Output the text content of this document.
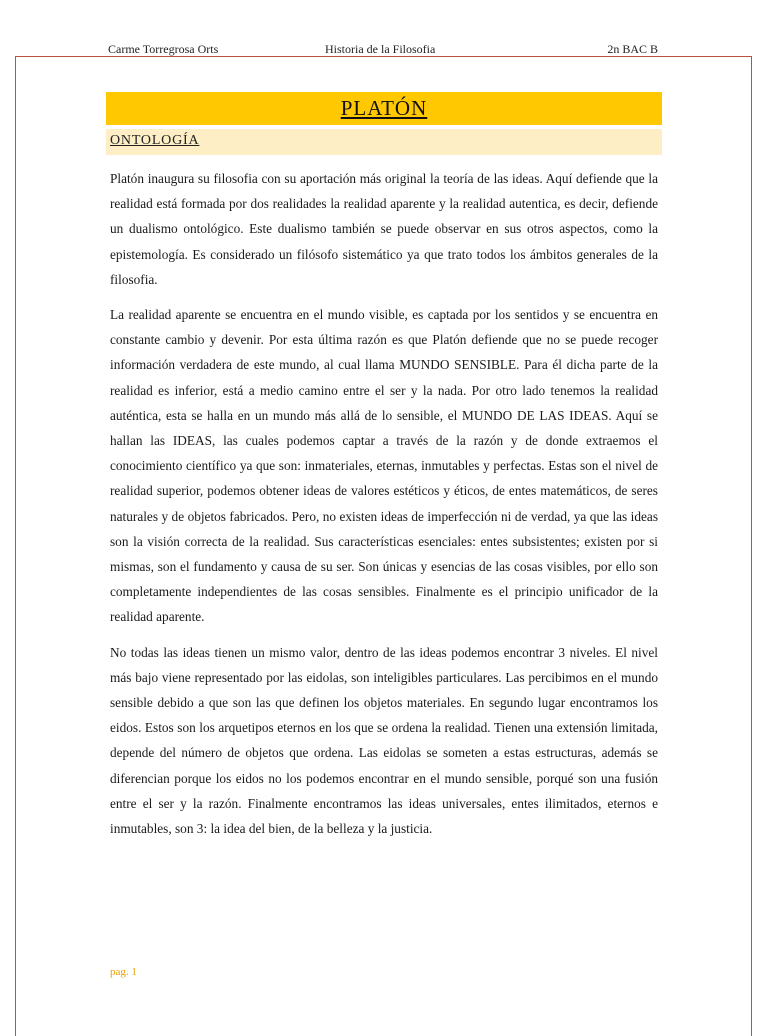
Carme Torregrosa Orts	Historia de la Filosofia	2n BAC B
PLATÓN
ONTOLOGÍA

Platón inaugura su filosofia con su aportación más original la teoría de las ideas. Aquí defiende que la realidad está formada por dos realidades la realidad aparente y la realidad autentica, es decir, defiende un dualismo ontológico. Este dualismo también se puede observar en sus otros aspectos, como la epistemología. Es considerado un filósofo sistemático ya que trato todos los ámbitos generales de la filosofia.

La realidad aparente se encuentra en el mundo visible, es captada por los sentidos y se encuentra en constante cambio y devenir. Por esta última razón es que Platón defiende que no se puede recoger información verdadera de este mundo, al cual llama MUNDO SENSIBLE. Para él dicha parte de la realidad es inferior, está a medio camino entre el ser y la nada. Por otro lado tenemos la realidad auténtica, esta se halla en un mundo más allá de lo sensible, el MUNDO DE LAS IDEAS. Aquí se hallan las IDEAS, las cuales podemos captar a través de la razón y de donde extraemos el conocimiento científico ya que son: inmateriales, eternas, inmutables y perfectas. Estas son el nivel de realidad superior, podemos obtener ideas de valores estéticos y éticos, de entes matemáticos, de seres naturales y de objetos fabricados. Pero, no existen ideas de imperfección ni de verdad, ya que las ideas son la visión correcta de la realidad. Sus características esenciales: entes subsistentes; existen por si mismas, son el fundamento y causa de su ser. Son únicas y esencias de las cosas visibles, por ello son completamente independientes de las cosas sensibles. Finalmente es el principio unificador de la realidad aparente.

No todas las ideas tienen un mismo valor, dentro de las ideas podemos encontrar 3 niveles. El nivel más bajo viene representado por las eidolas, son inteligibles particulares. Las percibimos en el mundo sensible debido a que son las que definen los objetos materiales. En segundo lugar encontramos los eidos. Estos son los arquetipos eternos en los que se ordena la realidad. Tienen una extensión limitada, depende del número de objetos que ordena. Las eidolas se someten a estas estructuras, además se diferencian porque los eidos no los podemos encontrar en el mundo sensible, porqué son una fusión entre el ser y la razón. Finalmente encontramos las ideas universales, entes ilimitados, eternos e inmutables, son 3: la idea del bien, de la belleza y la justicia.

pag. 1
